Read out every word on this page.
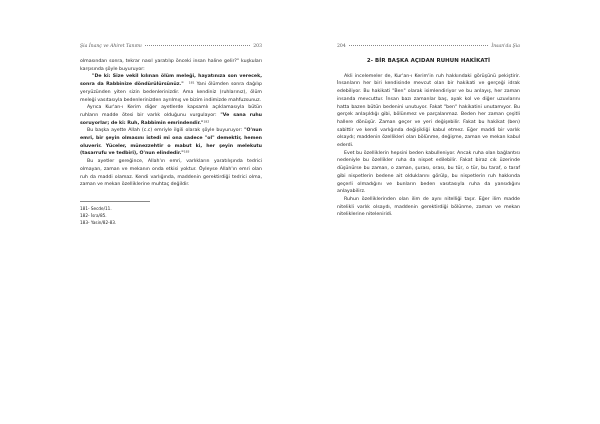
Şia İnanç ve Ahiret Tanımı	203

olmasından sonra, tekrar nasıl yaratılıp önceki insan haline gelir?" kuşkuları karşısında şöyle buyuruyor:

"De ki: Size vekil kılınan ölüm meleği, hayatınıza son verecek, sonra da Rabbinize döndürülürsünüz." $^{181}$ Yani ölümden sonra dağılıp yeryüzünden yiten sizin bedenlerinizdir. Ama kendiniz (ruhlarınız), ölüm meleği vasıtasıyla bedenlerinizden ayrılmış ve bizim indimizde mahfuzsunuz.

Ayrıca Kur'an-ı Kerim diğer ayetlerde kapsamlı açıklamasıyla bütün ruhların madde ötesi bir varlık olduğunu vurgulayor: "Ve sana ruhu soruyorlar; de ki: Ruh, Rabbimin emrindendir."$^{182}$

Bu başka ayette Allah (c.c) emriyle ilgili olarak şöyle buyuruyor: "O'nun emri, bir şeyin olmasını istedi mi ona sadece "ol" demektir, hemen oluverir. Yüceler, münezzehtir o mabut ki, her şeyin melekutu (tasarrufu ve tedbiri), O'nun elindedir."$^{183}$

Bu ayetler gereğince, Allah'ın emri, varlıkların yaratılışında tedrici olmayan, zaman ve mekanın onda etkisi yoktur. Öyleyse Allah'ın emri olan ruh da maddi olamaz. Kendi varlığında, maddenin gerektirdiği tedrici olma, zaman ve mekan özelliklerine muhtaç değildir.

181- Secde/11.
182- İsra/85.
183- Yasin/82-83.
204	İnsan'da Şia
2- BİR BAŞKA AÇIDAN RUHUN HAKİKATİ

Akli incelemeler de, Kur'an-ı Kerim'in ruh hakkındaki görüşünü pekiştirir. İnsanların her biri kendisinde mevcut olan bir hakikati ve gerçeği idrak edebiliyor. Bu hakikati "Ben" olarak isimlendiriyor ve bu anlayış, her zaman insanda mevcuttur. İnsan bazı zamanlar baş, ayak kol ve diğer uzuvlarını hatta bazen bütün bedenini unutuyor. Fakat "ben" hakikatini unutamıyor. Bu gerçek anlaşıldığı gibi, bölünmez ve parçalanmaz. Beden her zaman çeşitli hallere dönüşür. Zaman geçer ve yeri değişebilir. Fakat bu hakikat (ben) sabittir ve kendi varlığında değişikliği kabul etmez. Eğer maddi bir varlık olsaydı; maddenin özellikleri olan bölünme, değişme, zaman ve mekan kabul ederdi.

Evet bu özelliklerin hepsini beden kabulleniyor. Ancak ruha olan bağlantısı nedeniyle bu özellikler ruha da nispet edilebilir. Fakat biraz cık üzerinde düşünürse bu zaman, o zaman, şurası, orası, bu tür, o tür, bu taraf, o taraf gibi nispetlerin bedene ait olduklarını görülp, bu nispetlerin ruh hakkında geçerli olmadığını ve bunların beden vasıtasıyla ruha da yansıdığını anlayabilirz.

Ruhun özelliklerinden olan ilim de aynı nitelliği taşır. Eğer ilim madde nitelikli varlık olsaydı, maddenin gerektirdiği bölünme, zaman ve mekan niteliklerine niteleniridi.
